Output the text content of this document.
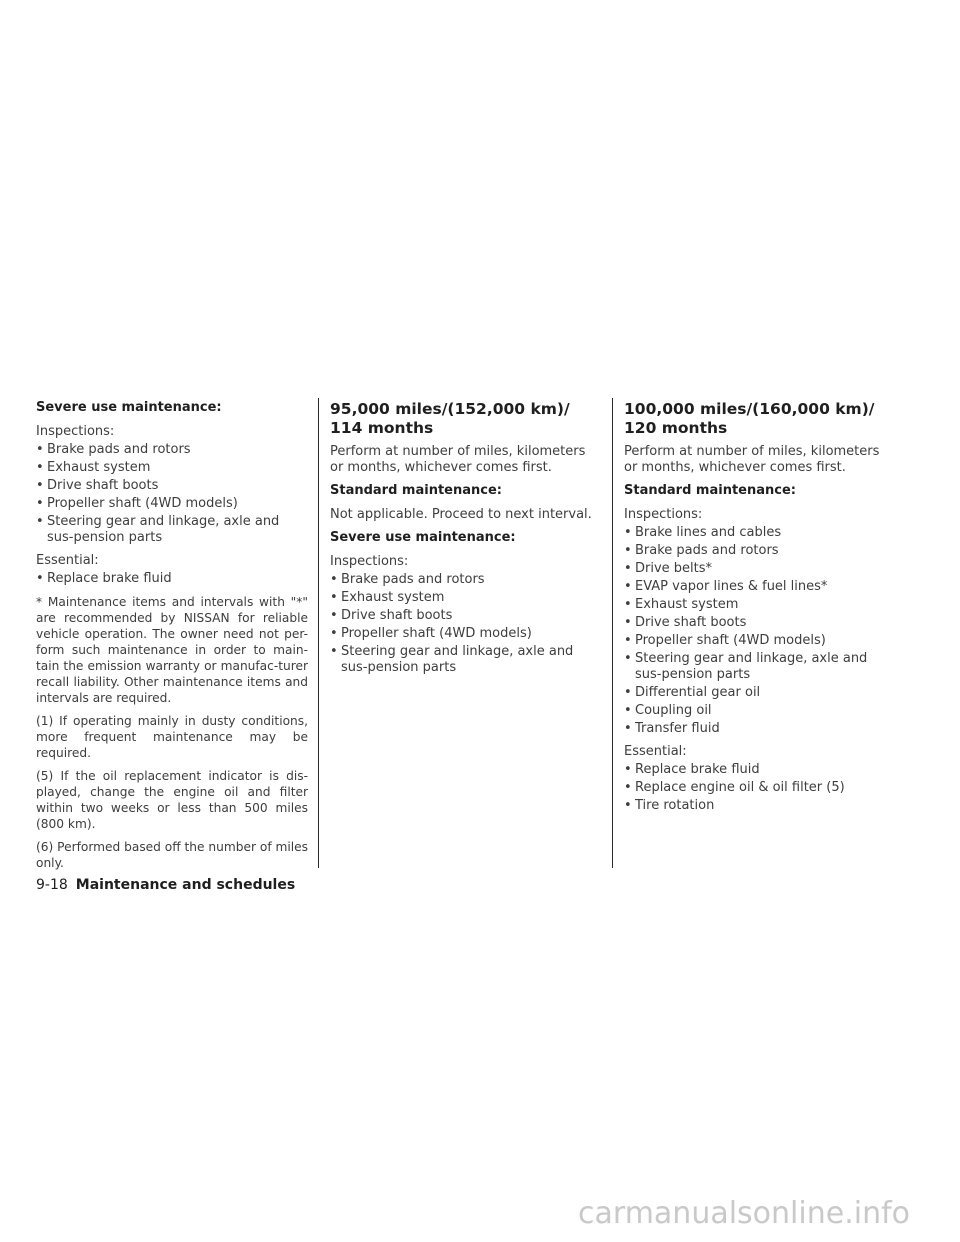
Severe use maintenance:

Inspections:

• Brake pads and rotors
• Exhaust system
• Drive shaft boots
• Propeller shaft (4WD models)
• Steering gear and linkage, axle and sus-pension parts

Essential:

• Replace brake fluid

* Maintenance items and intervals with "*" are recommended by NISSAN for reliable vehicle operation. The owner need not per-form such maintenance in order to main-tain the emission warranty or manufac-turer recall liability. Other maintenance items and intervals are required.

(1) If operating mainly in dusty conditions, more frequent maintenance may be required.

(5) If the oil replacement indicator is dis-played, change the engine oil and filter within two weeks or less than 500 miles (800 km).

(6) Performed based off the number of miles only.

95,000 miles/(152,000 km)/
114 months

Perform at number of miles, kilometers or months, whichever comes first.

Standard maintenance:

Not applicable. Proceed to next interval.

Severe use maintenance:

Inspections:

• Brake pads and rotors
• Exhaust system
• Drive shaft boots
• Propeller shaft (4WD models)
• Steering gear and linkage, axle and sus-pension parts

100,000 miles/(160,000 km)/
120 months

Perform at number of miles, kilometers or months, whichever comes first.

Standard maintenance:

Inspections:

• Brake lines and cables
• Brake pads and rotors
• Drive belts*
• EVAP vapor lines & fuel lines*
• Exhaust system
• Drive shaft boots
• Propeller shaft (4WD models)
• Steering gear and linkage, axle and sus-pension parts
• Differential gear oil
• Coupling oil
• Transfer fluid

Essential:

• Replace brake fluid
• Replace engine oil & oil filter (5)
• Tire rotation
9-18 Maintenance and schedules
carmanualsonline.info
